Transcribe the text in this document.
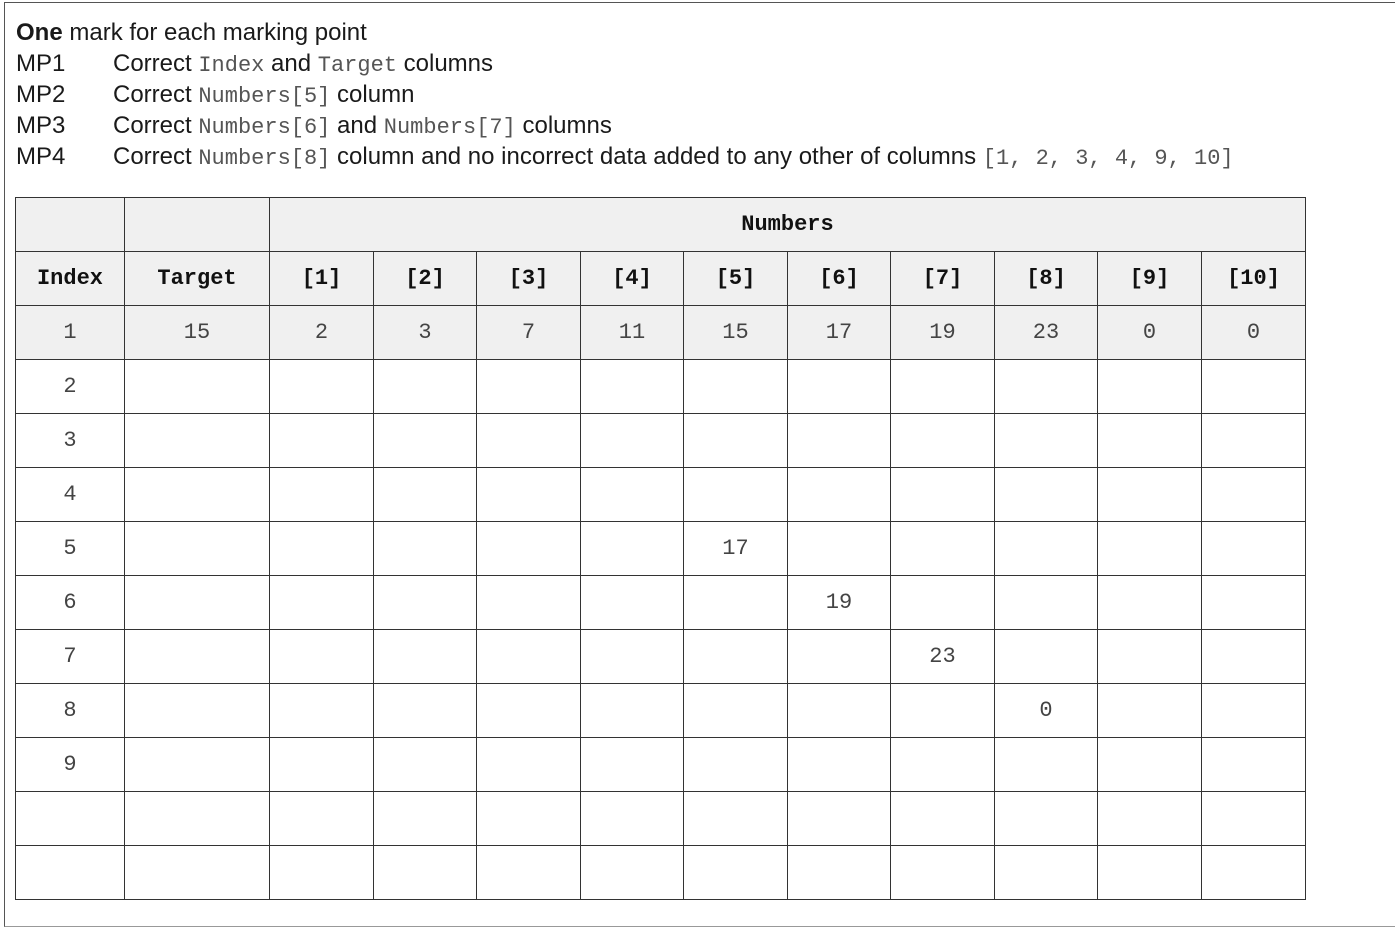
One mark for each marking point
MP1 Correct Index and Target columns
MP2 Correct Numbers[5] column
MP3 Correct Numbers[6] and Numbers[7] columns
MP4 Correct Numbers[8] column and no incorrect data added to any other of columns [1, 2, 3, 4, 9, 10]
		Numbers									
Index	Target	[1]	[2]	[3]	[4]	[5]	[6]	[7]	[8]	[9]	[10]
1	15	2	3	7	11	15	17	19	23	0	0
2											
3											
4											
5						17					
6							19				
7								23			
8									0		
9											
